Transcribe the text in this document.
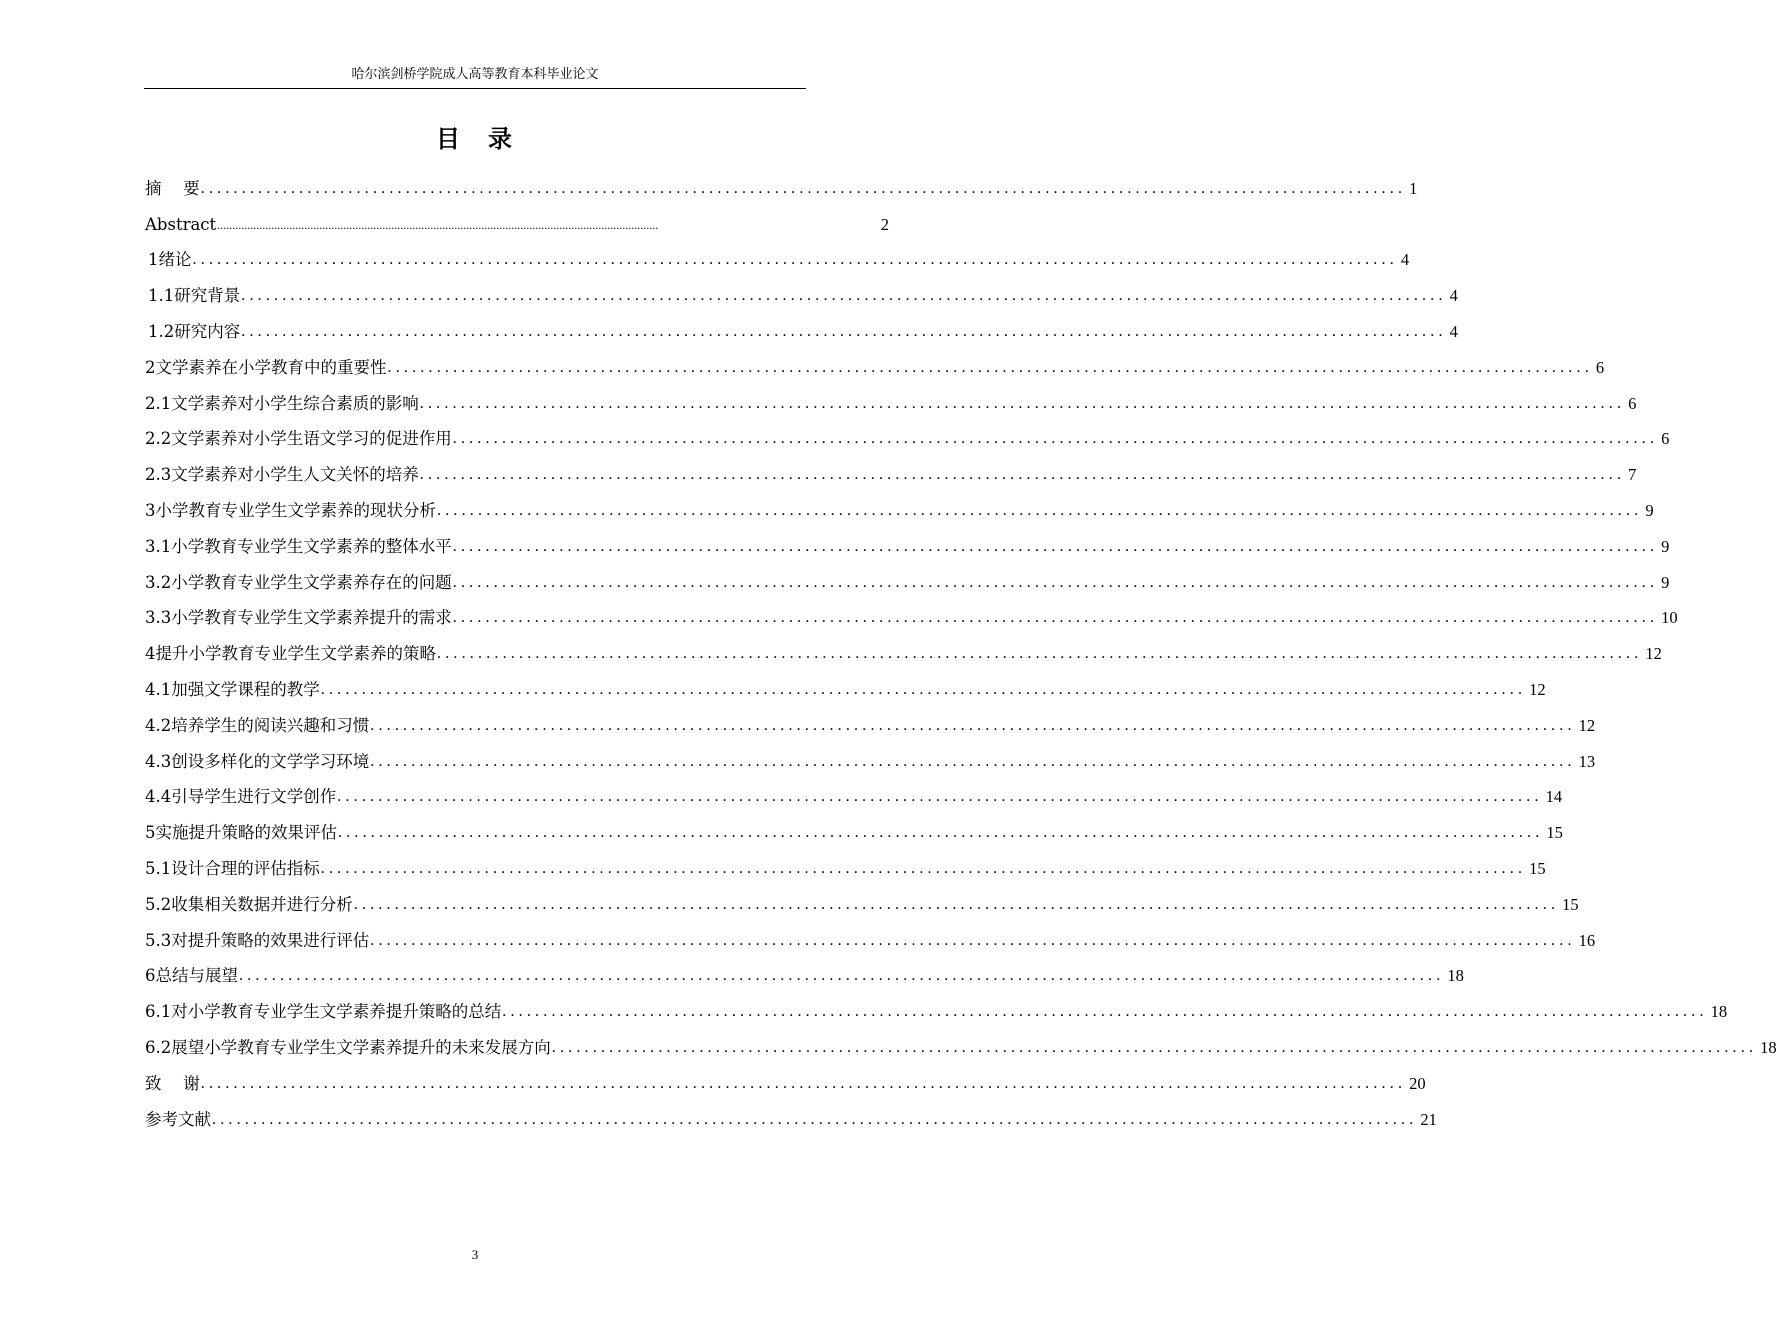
哈尔滨剑桥学院成人高等教育本科毕业论文
目　录
摘　 要 ................................................................................................................................................... 1
Abstract ...................................................................................................................................................	2
1 绪论 ................................................................................................................................................... 4
1.1 研究背景 ................................................................................................................................................... 4
1.2 研究内容 ................................................................................................................................................... 4
2 文学素养在小学教育中的重要性 ................................................................................................................................................... 6
2.1 文学素养对小学生综合素质的影响 ................................................................................................................................................... 6
2.2 文学素养对小学生语文学习的促进作用 ................................................................................................................................................... 6
2.3 文学素养对小学生人文关怀的培养 ................................................................................................................................................... 7
3 小学教育专业学生文学素养的现状分析 ................................................................................................................................................... 9
3.1 小学教育专业学生文学素养的整体水平 ................................................................................................................................................... 9
3.2 小学教育专业学生文学素养存在的问题 ................................................................................................................................................... 9
3.3 小学教育专业学生文学素养提升的需求 ................................................................................................................................................... 10
4 提升小学教育专业学生文学素养的策略 ................................................................................................................................................... 12
4.1 加强文学课程的教学 ................................................................................................................................................... 12
4.2 培养学生的阅读兴趣和习惯 ................................................................................................................................................... 12
4.3 创设多样化的文学学习环境 ................................................................................................................................................... 13
4.4 引导学生进行文学创作 ................................................................................................................................................... 14
5 实施提升策略的效果评估 ................................................................................................................................................... 15
5.1 设计合理的评估指标 ................................................................................................................................................... 15
5.2 收集相关数据并进行分析 ................................................................................................................................................... 15
5.3 对提升策略的效果进行评估 ................................................................................................................................................... 16
6 总结与展望 ................................................................................................................................................... 18
6.1 对小学教育专业学生文学素养提升策略的总结 ................................................................................................................................................... 18
6.2 展望小学教育专业学生文学素养提升的未来发展方向 ................................................................................................................................................... 18
致　 谢 ................................................................................................................................................... 20
参考文献 ................................................................................................................................................... 21
3
